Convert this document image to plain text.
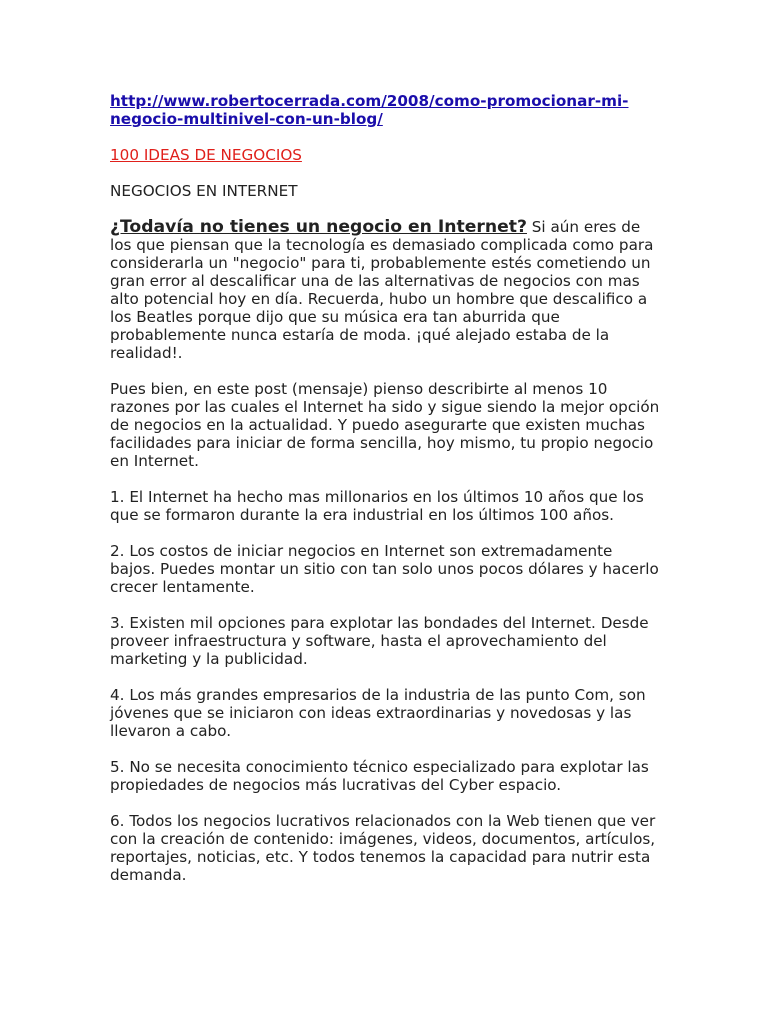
http://www.robertocerrada.com/2008/como-promocionar-mi-negocio-multinivel-con-un-blog/
100 IDEAS DE NEGOCIOS
NEGOCIOS EN INTERNET

¿Todavía no tienes un negocio en Internet? Si aún eres de los que piensan que la tecnología es demasiado complicada como para considerarla un "negocio" para ti, probablemente estés cometiendo un gran error al descalificar una de las alternativas de negocios con mas alto potencial hoy en día. Recuerda, hubo un hombre que descalifico a los Beatles porque dijo que su música era tan aburrida que probablemente nunca estaría de moda. ¡qué alejado estaba de la realidad!.

Pues bien, en este post (mensaje) pienso describirte al menos 10 razones por las cuales el Internet ha sido y sigue siendo la mejor opción de negocios en la actualidad. Y puedo asegurarte que existen muchas facilidades para iniciar de forma sencilla, hoy mismo, tu propio negocio en Internet.

1. El Internet ha hecho mas millonarios en los últimos 10 años que los que se formaron durante la era industrial en los últimos 100 años.

2. Los costos de iniciar negocios en Internet son extremadamente bajos. Puedes montar un sitio con tan solo unos pocos dólares y hacerlo crecer lentamente.

3. Existen mil opciones para explotar las bondades del Internet. Desde proveer infraestructura y software, hasta el aprovechamiento del marketing y la publicidad.

4. Los más grandes empresarios de la industria de las punto Com, son jóvenes que se iniciaron con ideas extraordinarias y novedosas y las llevaron a cabo.

5. No se necesita conocimiento técnico especializado para explotar las propiedades de negocios más lucrativas del Cyber espacio.

6. Todos los negocios lucrativos relacionados con la Web tienen que ver con la creación de contenido: imágenes, videos, documentos, artículos, reportajes, noticias, etc. Y todos tenemos la capacidad para nutrir esta demanda.
